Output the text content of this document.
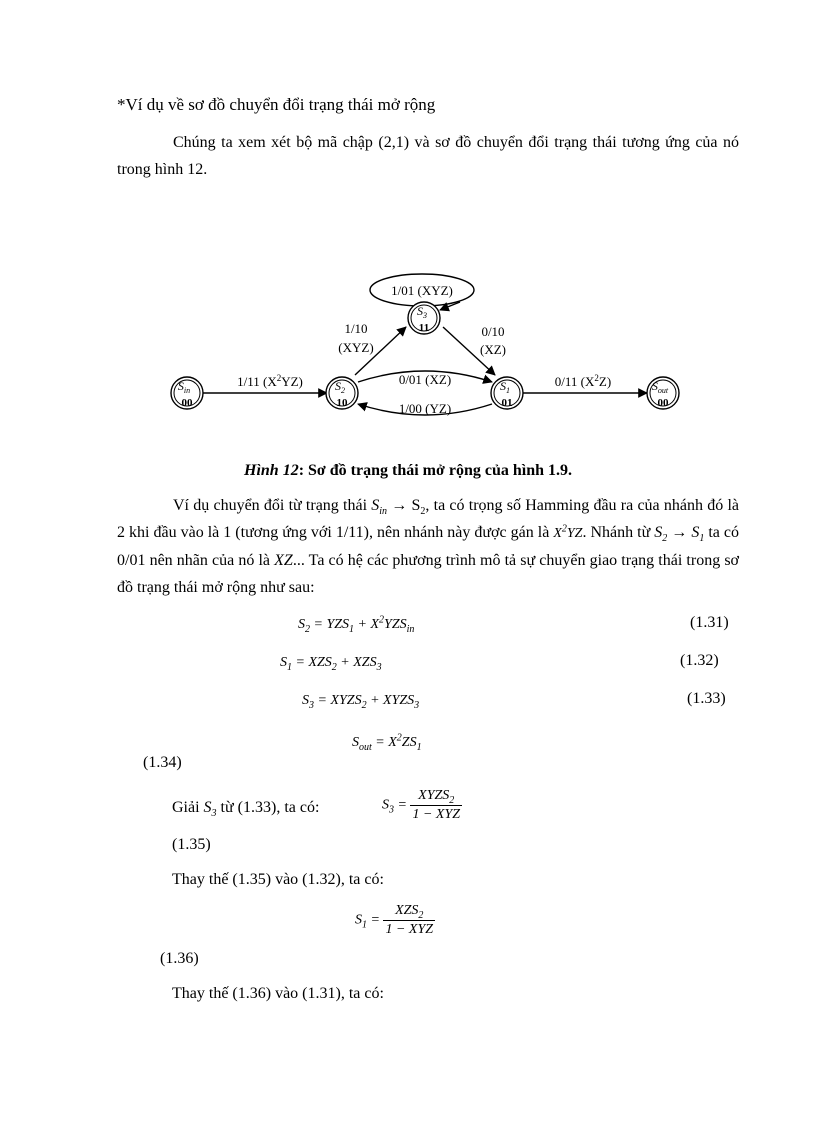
*Ví dụ về sơ đồ chuyển đổi trạng thái mở rộng
Chúng ta xem xét bộ mã chập (2,1) và sơ đồ chuyển đổi trạng thái tương ứng của nó trong hình 12.
1/01 (XYZ)
1/11 $(X^2YZ)$
1/10
(XYZ)
0/10
(XZ)
0/01 (XZ)
1/00 (YZ)
0/11 $(X^2Z)$
$S_{in}$
00
$S_2$
10
$S_3$
11
$S_1$
01
$S_{out}$
00
Hình 12: Sơ đồ trạng thái mở rộng của hình 1.9.
Ví dụ chuyển đổi từ trạng thái $S_{in} \to S_2$, ta có trọng số Hamming đầu ra của nhánh đó là 2 khi đầu vào là 1 (tương ứng với 1/11), nên nhánh này được gán là $X^2YZ$. Nhánh từ $S_2 \to S_1$ ta có 0/01 nên nhãn của nó là XZ... Ta có hệ các phương trình mô tả sự chuyển giao trạng thái trong sơ đồ trạng thái mở rộng như sau:
$S_2 = YZS_1 + X^2YZS_{in}$	(1.31)
$S_1 = XZS_2 + XZS_3$	(1.32)
$S_3$ = $XYZS_2$ + $XYZS_3$	(1.33)
$S_{out} = X^2ZS_1$
(1.34)
Giải $S_3$ từ (1.33), ta có:	$S_3 = \frac{XYZS_2}{\text{1 − XYZ}}$
(1.35)
Thay thế (1.35) vào (1.32), ta có:
$S_1 = \frac{XZS_2}{\text{1 − XYZ}}$
(1.36)
Thay thế (1.36) vào (1.31), ta có:
